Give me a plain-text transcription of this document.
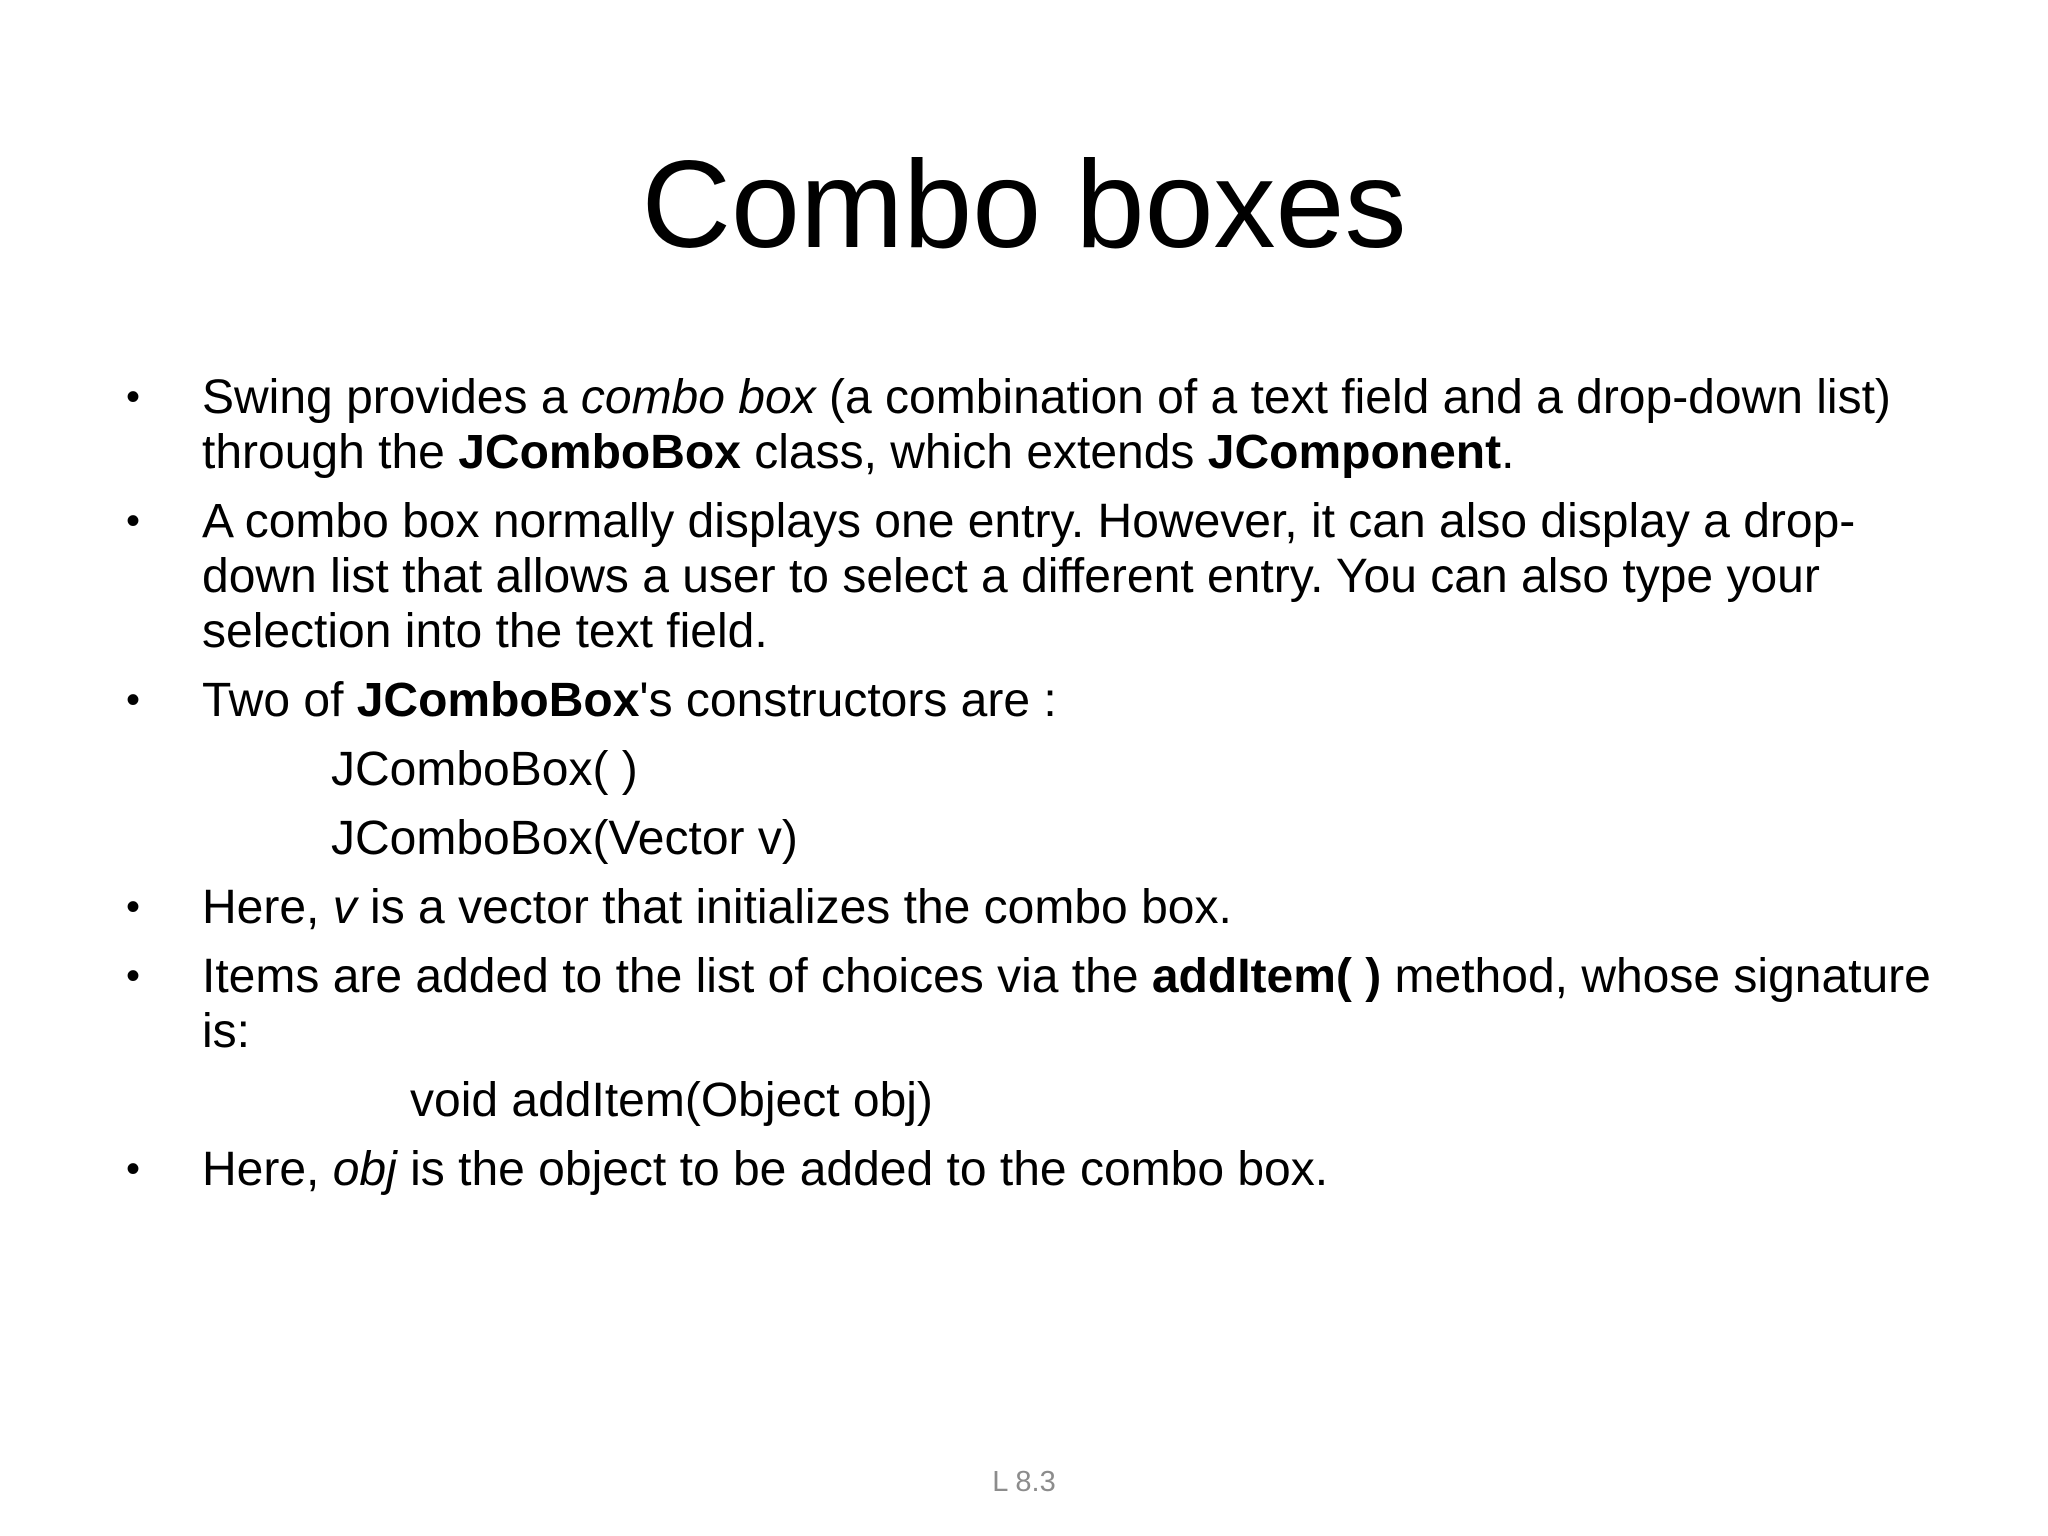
Combo boxes
• Swing provides a combo box (a combination of a text field and a drop-down list) through the JComboBox class, which extends JComponent.
• A combo box normally displays one entry. However, it can also display a drop-down list that allows a user to select a different entry. You can also type your selection into the text field.
• Two of JComboBox's constructors are :
JComboBox( )
JComboBox(Vector v)
• Here, v is a vector that initializes the combo box.
• Items are added to the list of choices via the addItem( ) method, whose signature is:
void addItem(Object obj)
• Here, obj is the object to be added to the combo box.
L 8.3
